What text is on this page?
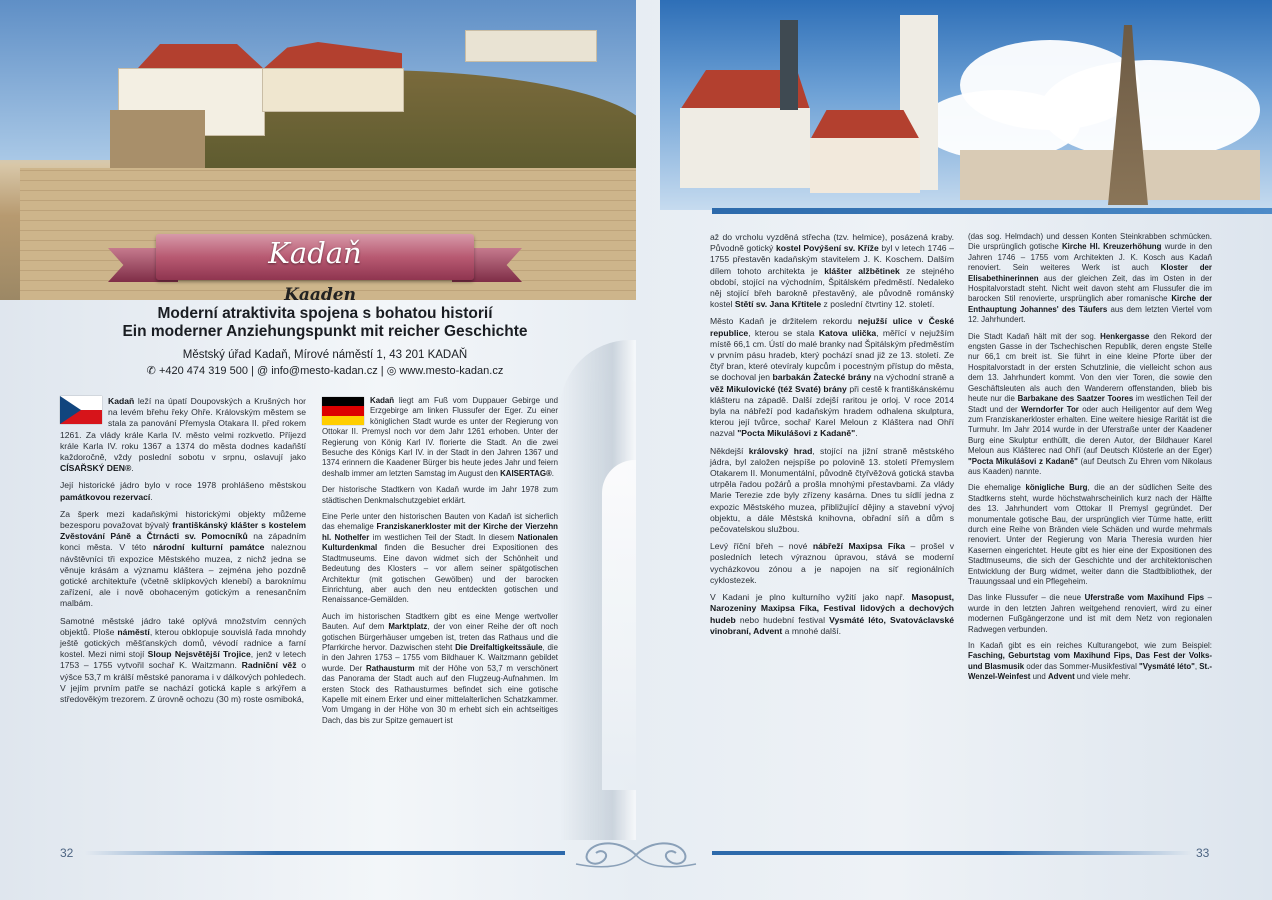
Kadaň
Kaaden
Moderní atraktivita spojena s bohatou historií
Ein moderner Anziehungspunkt mit reicher Geschichte
Městský úřad Kadaň, Mírové náměstí 1, 43 201 KADAŇ
✆ +420 474 319 500 | @ info@mesto-kadan.cz | ◎ www.mesto-kadan.cz

Kadaň leží na úpatí Doupovských a Krušných hor na levém břehu řeky Ohře. Královským městem se stala za panování Přemysla Otakara II. před rokem 1261. Za vlády krále Karla IV. město velmi rozkvetlo. Příjezd krále Karla IV. roku 1367 a 1374 do města dodnes kadaňští každoročně, vždy poslední sobotu v srpnu, oslavují jako CÍSAŘSKÝ DEN®.

Její historické jádro bylo v roce 1978 prohlášeno městskou památkovou rezervací.

Za šperk mezi kadaňskými historickými objekty můžeme bezesporu považovat bývalý františkánský klášter s kostelem Zvěstování Páně a Čtrnácti sv. Pomocníků na západním konci města. V této národní kulturní památce naleznou návštěvníci tři expozice Městského muzea, z nichž jedna se věnuje krásám a významu kláštera – zejména jeho pozdně gotické architektuře (včetně sklípkových klenebí) a baroknímu zařízení, ale i nově obohaceným gotickým a renesančním malbám.

Samotné městské jádro také oplývá množstvím cenných objektů. Ploše náměstí, kterou obklopuje souvislá řada mnohdy ještě gotických měšťanských domů, vévodí radnice a farní kostel. Mezi nimi stojí Sloup Nejsvětější Trojice, jenž v letech 1753 – 1755 vytvořil sochař K. Waitzmann. Radniční věž o výšce 53,7 m králší městské panorama i v dálkových pohledech. V jejím prvním patře se nachází gotická kaple s arkýřem a středověkým trezorem. Z úrovně ochozu (30 m) roste osmiboká,

Kadaň liegt am Fuß vom Duppauer Gebirge und Erzgebirge am linken Flussufer der Eger. Zu einer königlichen Stadt wurde es unter der Regierung von Ottokar II. Premysl noch vor dem Jahr 1261 erhoben. Unter der Regierung von König Karl IV. florierte die Stadt. An die zwei Besuche des Königs Karl IV. in der Stadt in den Jahren 1367 und 1374 erinnern die Kaadener Bürger bis heute jedes Jahr und feiern deshalb immer am letzten Samstag im August den KAISERTAG®.

Der historische Stadtkern von Kadaň wurde im Jahr 1978 zum städtischen Denkmalschutzgebiet erklärt.

Eine Perle unter den historischen Bauten von Kadaň ist sicherlich das ehemalige Franziskanerkloster mit der Kirche der Vierzehn hl. Nothelfer im westlichen Teil der Stadt. In diesem Nationalen Kulturdenkmal finden die Besucher drei Expositionen des Stadtmuseums. Eine davon widmet sich der Schönheit und Bedeutung des Klosters – vor allem seiner spätgotischen Architektur (mit gotischen Gewölben) und der barocken Einrichtung, aber auch den neu entdeckten gotischen und Renaissance-Gemälden.

Auch im historischen Stadtkern gibt es eine Menge wertvoller Bauten. Auf dem Marktplatz, der von einer Reihe der oft noch gotischen Bürgerhäuser umgeben ist, treten das Rathaus und die Pfarrkirche hervor. Dazwischen steht Die Dreifaltigkeitssäule, die in den Jahren 1753 – 1755 vom Bildhauer K. Waitzmann gebildet wurde. Der Rathausturm mit der Höhe von 53,7 m verschönert das Panorama der Stadt auch auf den Flugzeug-Aufnahmen. Im ersten Stock des Rathausturmes befindet sich eine gotische Kapelle mit einem Erker und einer mittelalterlichen Schatzkammer. Vom Umgang in der Höhe von 30 m erhebt sich ein achtseitiges Dach, das bis zur Spitze gemauert ist

32

až do vrcholu vyzděná střecha (tzv. helmice), posázená kraby. Původně gotický kostel Povýšení sv. Kříže byl v letech 1746 – 1755 přestavěn kadaňským stavitelem J. K. Koschem. Dalším dílem tohoto architekta je klášter alžbětinek ze stejného období, stojící na východním, Špitálském předměstí. Nedaleko něj stojící břeh barokně přestavěný, ale původně románský kostel Stětí sv. Jana Křtitele z poslední čtvrtiny 12. století.

Město Kadaň je držitelem rekordu nejužší ulice v České republice, kterou se stala Katova ulička, měřící v nejužším místě 66,1 cm. Ústí do malé branky nad Špitálským předměstím v prvním pásu hradeb, který pochází snad již ze 13. století. Ze čtyř bran, které otevíraly kupcům i pocestným přístup do města, se dochoval jen barbakán Žatecké brány na východní straně a věž Mikulovické (též Svaté) brány při cestě k františkánskému klášteru na západě. Další zdejší raritou je orloj. V roce 2014 byla na nábřeží pod kadaňským hradem odhalena skulptura, kterou její tvůrce, sochař Karel Meloun z Kláštera nad Ohří nazval "Pocta Mikulášovi z Kadaně".

Někdejší královský hrad, stojící na jižní straně městského jádra, byl založen nejspíše po polovině 13. století Přemyslem Otakarem II. Monumentální, původně čtyřvěžová gotická stavba utrpěla řadou požárů a prošla mnohými přestavbami. Za vlády Marie Terezie zde byly zřízeny kasárna. Dnes tu sídlí jedna z expozic Městského muzea, přibližující dějiny a stavební vývoj objektu, a dále Městská knihovna, obřadní síň a dům s pečovatelskou službou.

Levý říční břeh – nové nábřeží Maxipsa Fíka – prošel v posledních letech výraznou úpravou, stává se moderní vycházkovou zónou a je napojen na síť regionálních cyklostezek.

V Kadani je plno kulturního vyžití jako např. Masopust, Narozeniny Maxipsa Fíka, Festival lidových a dechových hudeb nebo hudební festival Vysmáté léto, Svatováclavské vinobraní, Advent a mnohé další.

(das sog. Helmdach) und dessen Konten Steinkrabben schmücken. Die ursprünglich gotische Kirche Hl. Kreuzerhöhung wurde in den Jahren 1746 – 1755 vom Architekten J. K. Kosch aus Kadaň renoviert. Sein weiteres Werk ist auch Kloster der Elisabethinerinnen aus der gleichen Zeit, das im Osten in der Hospitalvorstadt steht. Nicht weit davon steht am Flussufer die im barocken Stil renovierte, ursprünglich aber romanische Kirche der Enthauptung Johannes' des Täufers aus dem letzten Viertel vom 12. Jahrhundert.

Die Stadt Kadaň hält mit der sog. Henkergasse den Rekord der engsten Gasse in der Tschechischen Republik, deren engste Stelle nur 66,1 cm breit ist. Sie führt in eine kleine Pforte über der Hospitalvorstadt in der ersten Schutzlinie, die vielleicht schon aus dem 13. Jahrhundert kommt. Von den vier Toren, die sowie den Geschäftsleuten als auch den Wanderern offenstanden, blieb bis heute nur die Barbakane des Saatzer Toores im westlichen Teil der Stadt und der Werndorfer Tor oder auch Heiligentor auf dem Weg zum Franziskanerkloster erhalten. Eine weitere hiesige Rarität ist die Turmuhr. Im Jahr 2014 wurde in der Uferstraße unter der Kaadener Burg eine Skulptur enthüllt, die deren Autor, der Bildhauer Karel Meloun aus Klášterec nad Ohří (auf Deutsch Klösterle an der Eger) "Pocta Mikulášovi z Kadaně" (auf Deutsch Zu Ehren vom Nikolaus aus Kaaden) nannte.

Die ehemalige königliche Burg, die an der südlichen Seite des Stadtkerns steht, wurde höchstwahrscheinlich kurz nach der Hälfte des 13. Jahrhundert vom Ottokar II Premysl gegründet. Der monumentale gotische Bau, der ursprünglich vier Türme hatte, erlitt durch eine Reihe von Bränden viele Schäden und wurde mehrmals renoviert. Unter der Regierung von Maria Theresia wurden hier Kasernen eingerichtet. Heute gibt es hier eine der Expositionen des Stadtmuseums, die sich der Geschichte und der architektonischen Entwicklung der Burg widmet, weiter dann die Stadtbibliothek, der Trauungssaal und ein Pflegeheim.

Das linke Flussufer – die neue Uferstraße vom Maxihund Fips – wurde in den letzten Jahren weitgehend renoviert, wird zu einer modernen Fußgängerzone und ist mit dem Netz von regionalen Radwegen verbunden.

In Kadaň gibt es ein reiches Kulturangebot, wie zum Beispiel: Fasching, Geburtstag vom Maxihund Fips, Das Fest der Volks- und Blasmusik oder das Sommer-Musikfestival "Vysmáté léto", St.-Wenzel-Weinfest und Advent und viele mehr.

33
